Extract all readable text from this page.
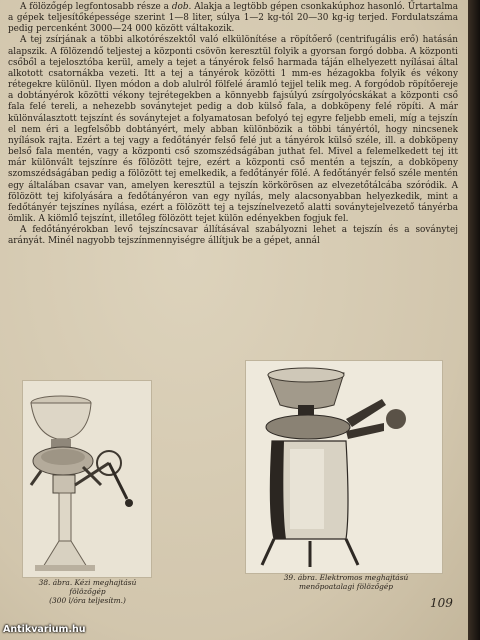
A fölözőgép legfontosabb része a dob. Alakja a legtöbb gépen csonkakúphoz hasonló. Űrtartalma a gépek teljesítőképessége szerint 1—8 liter, súlya 1—2 kg-tól 20—30 kg-ig terjed. Fordulatszáma pedig percenként 3000—24 000 között váltakozik.

A tej zsírjának a többi alkotórészektől való elkülönítése a röpítőerő (centrifugális erő) hatásán alapszik. A fölözendő teljestej a központi csövön keresztül folyik a gyorsan forgó dobba. A központi csőből a tejelosztóba kerül, amely a tejet a tányérok felső harmada táján elhelyezett nyílásai által alkotott csatornákba vezeti. Itt a tej a tányérok közötti 1 mm-es hézagokba folyik és vékony rétegekre különül. Ilyen módon a dob alulról fölfelé áramló tejjel telik meg. A forgódob röpítőereje a dobtányérok közötti vékony tejrétegekben a könnyebb fajsúlyú zsírgolyócskákat a központi cső fala felé tereli, a nehezebb soványtejet pedig a dob külső fala, a dobköpeny felé röpíti. A már különválasztott tejszínt és soványtejet a folyamatosan befolyó tej egyre feljebb emeli, míg a tejszín el nem éri a legfelsőbb dobtányért, mely abban különbözik a többi tányértól, hogy nincsenek nyílások rajta. Ezért a tej vagy a fedőtányér felső felé jut a tányérok külső széle, ill. a dobköpeny belső fala mentén, vagy a központi cső szomszédságában juthat fel. Mivel a felemelkedett tej itt már különvált tejszínre és fölözött tejre, ezért a központi cső mentén a tejszín, a dobköpeny szomszédságában pedig a fölözött tej emelkedik, a fedőtányér fölé. A fedőtányér felső széle mentén egy általában csavar van, amelyen keresztül a tejszín körkörösen az elvezetőtálcába szóródik. A fölözött tej kifolyására a fedőtányéron van egy nyílás, mely alacsonyabban helyezkedik, mint a fedőtányér tejszínes nyílása, ezért a fölözött tej a tejszínelvezető alatti soványtejelvezető tányérba ömlik. A kiömlő tejszínt, illetőleg fölözött tejet külön edényekben fogjuk fel.

A fedőtányérokban levő tejszíncsavar állításával szabályozni lehet a tejszín és a soványtej arányát. Minél nagyobb tejszínmennyiségre állítjuk be a gépet, annál

38. ábra. Kézi meghajtású fölözőgép
(300 l/óra teljesítm.)
39. ábra. Elektromos meghajtású
menőpoatalagi fölözőgép
109
Antikvarium.hu
